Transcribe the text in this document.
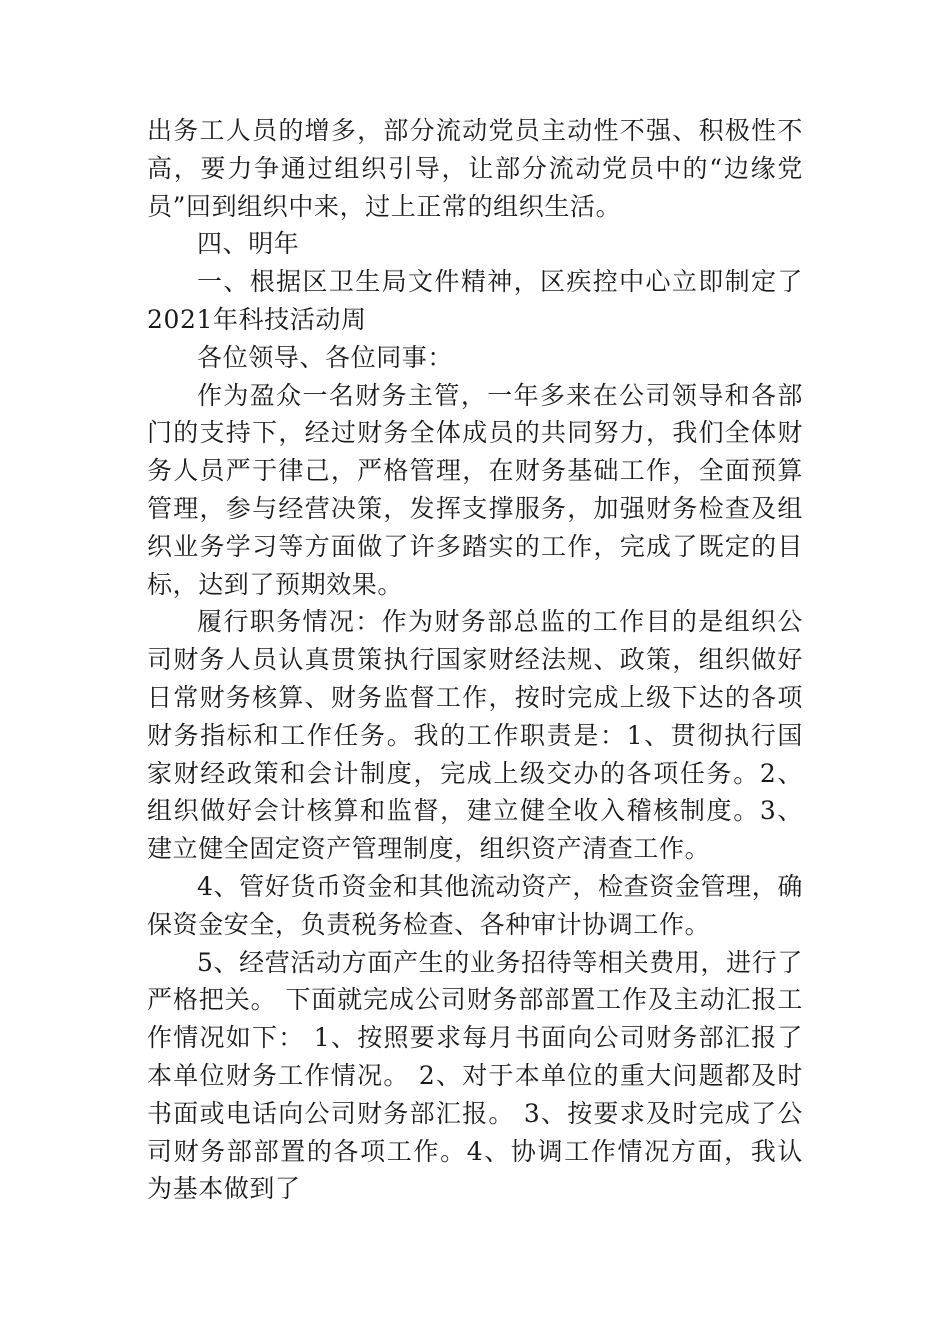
出务工人员的增多，部分流动党员主动性不强、积极性不高，要力争通过组织引导，让部分流动党员中的“边缘党员”回到组织中来，过上正常的组织生活。

四、明年

一、根据区卫生局文件精神，区疾控中心立即制定了2021年科技活动周

各位领导、各位同事：

作为盈众一名财务主管，一年多来在公司领导和各部门的支持下，经过财务全体成员的共同努力，我们全体财务人员严于律己，严格管理，在财务基础工作，全面预算管理，参与经营决策，发挥支撑服务，加强财务检查及组织业务学习等方面做了许多踏实的工作，完成了既定的目标，达到了预期效果。

履行职务情况：作为财务部总监的工作目的是组织公司财务人员认真贯策执行国家财经法规、政策，组织做好日常财务核算、财务监督工作，按时完成上级下达的各项财务指标和工作任务。我的工作职责是：1、贯彻执行国家财经政策和会计制度，完成上级交办的各项任务。2、组织做好会计核算和监督，建立健全收入稽核制度。3、建立健全固定资产管理制度，组织资产清查工作。

4、管好货币资金和其他流动资产，检查资金管理，确保资金安全，负责税务检查、各种审计协调工作。

5、经营活动方面产生的业务招待等相关费用，进行了严格把关。 下面就完成公司财务部部置工作及主动汇报工作情况如下： 1、按照要求每月书面向公司财务部汇报了本单位财务工作情况。 2、对于本单位的重大问题都及时书面或电话向公司财务部汇报。 3、按要求及时完成了公司财务部部置的各项工作。4、协调工作情况方面，我认为基本做到了
